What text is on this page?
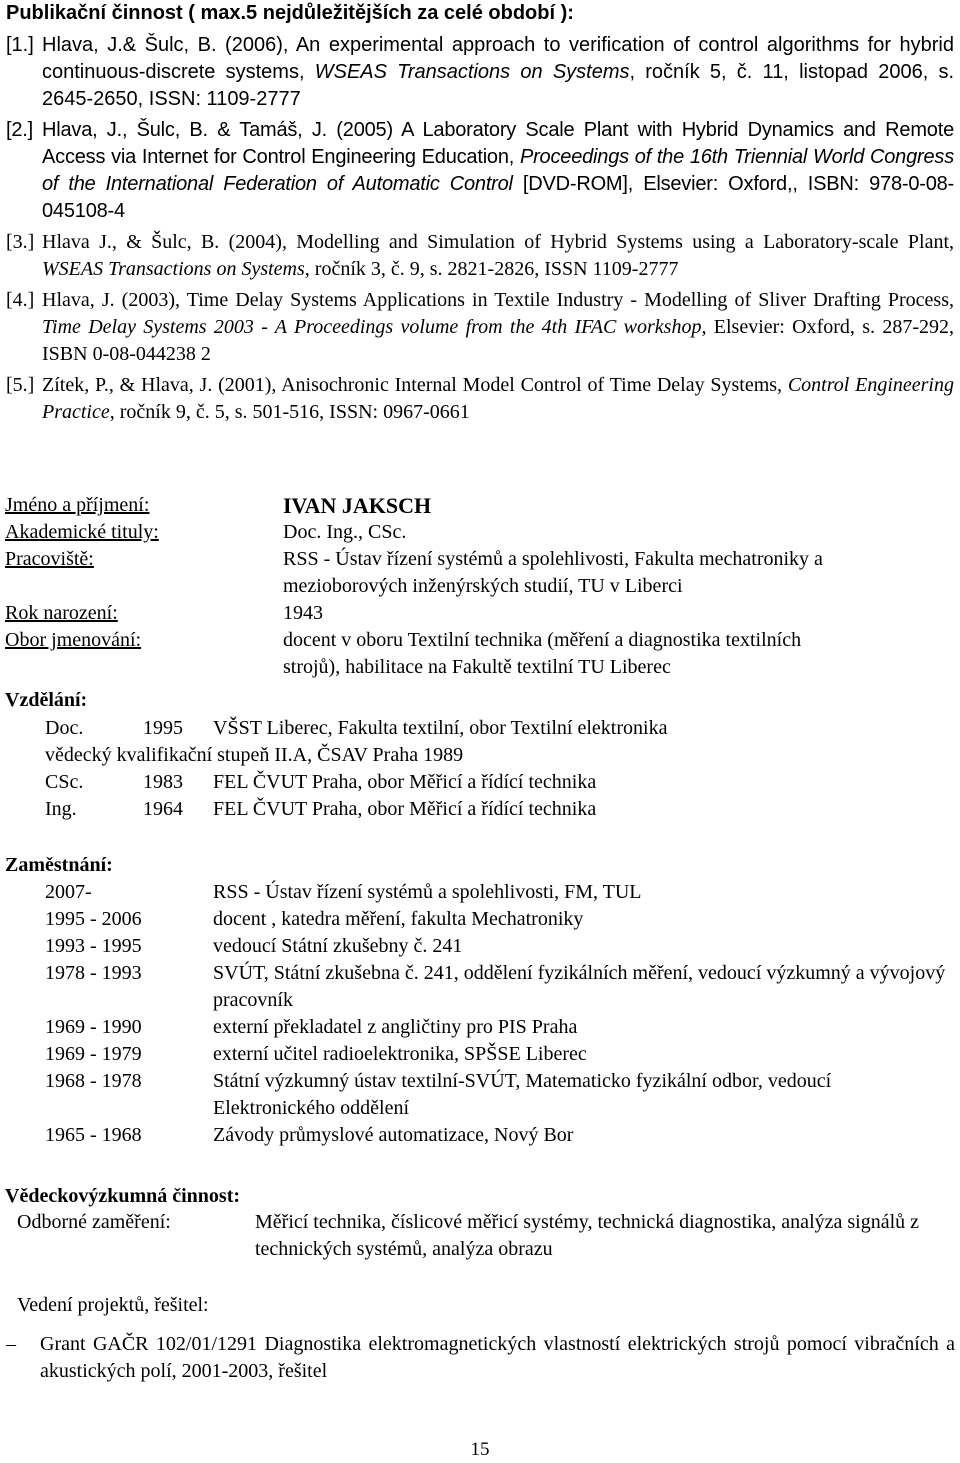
Publikační činnost ( max.5 nejdůležitějších za celé období ):
[1.] Hlava, J.& Šulc, B. (2006), An experimental approach to verification of control algorithms for hybrid continuous-discrete systems, WSEAS Transactions on Systems, ročník 5, č. 11, listopad 2006, s. 2645-2650, ISSN: 1109-2777
[2.] Hlava, J., Šulc, B. & Tamáš, J. (2005) A Laboratory Scale Plant with Hybrid Dynamics and Remote Access via Internet for Control Engineering Education, Proceedings of the 16th Triennial World Congress of the International Federation of Automatic Control [DVD-ROM], Elsevier: Oxford,, ISBN: 978-0-08-045108-4
[3.] Hlava J., & Šulc, B. (2004), Modelling and Simulation of Hybrid Systems using a Laboratory-scale Plant, WSEAS Transactions on Systems, ročník 3, č. 9, s. 2821-2826, ISSN 1109-2777
[4.] Hlava, J. (2003), Time Delay Systems Applications in Textile Industry - Modelling of Sliver Drafting Process, Time Delay Systems 2003 - A Proceedings volume from the 4th IFAC workshop, Elsevier: Oxford, s. 287-292, ISBN 0-08-044238 2
[5.] Zítek, P., & Hlava, J. (2001), Anisochronic Internal Model Control of Time Delay Systems, Control Engineering Practice, ročník 9, č. 5, s. 501-516, ISSN: 0967-0661
Jméno a příjmení:	IVAN JAKSCH
Akademické tituly:	Doc. Ing., CSc.
Pracoviště:	RSS - Ústav řízení systémů a spolehlivosti, Fakulta mechatroniky a
mezioborových inženýrských studií, TU v Liberci
Rok narození:	1943
Obor jmenování:	docent v oboru Textilní technika (měření a diagnostika textilních
strojů), habilitace na Fakultě textilní TU Liberec
Vzdělání:
Doc.	1995 VŠST Liberec, Fakulta textilní, obor Textilní elektronika
vědecký kvalifikační stupeň II.A, ČSAV Praha 1989
CSc.	1983 FEL ČVUT Praha, obor Měřicí a řídící technika
Ing.	1964 FEL ČVUT Praha, obor Měřicí a řídící technika
Zaměstnání:
2007-	RSS - Ústav řízení systémů a spolehlivosti, FM, TUL
1995 - 2006	docent , katedra měření, fakulta Mechatroniky
1993 - 1995	vedoucí Státní zkušebny č. 241
1978 - 1993	SVÚT, Státní zkušebna č. 241, oddělení fyzikálních měření, vedoucí výzkumný a vývojový pracovník
1969 - 1990	externí překladatel z angličtiny pro PIS Praha
1969 - 1979	externí učitel radioelektronika, SPŠSE Liberec
1968 - 1978	Státní výzkumný ústav textilní-SVÚT, Matematicko fyzikální odbor, vedoucí Elektronického oddělení
1965 - 1968	Závody průmyslové automatizace, Nový Bor
Vědeckovýzkumná činnost:
Odborné zaměření:	Měřicí technika, číslicové měřicí systémy, technická diagnostika, analýza signálů z technických systémů, analýza obrazu
Vedení projektů, řešitel:
– Grant GAČR 102/01/1291 Diagnostika elektromagnetických vlastností elektrických strojů pomocí vibračních a akustických polí, 2001-2003, řešitel
15
